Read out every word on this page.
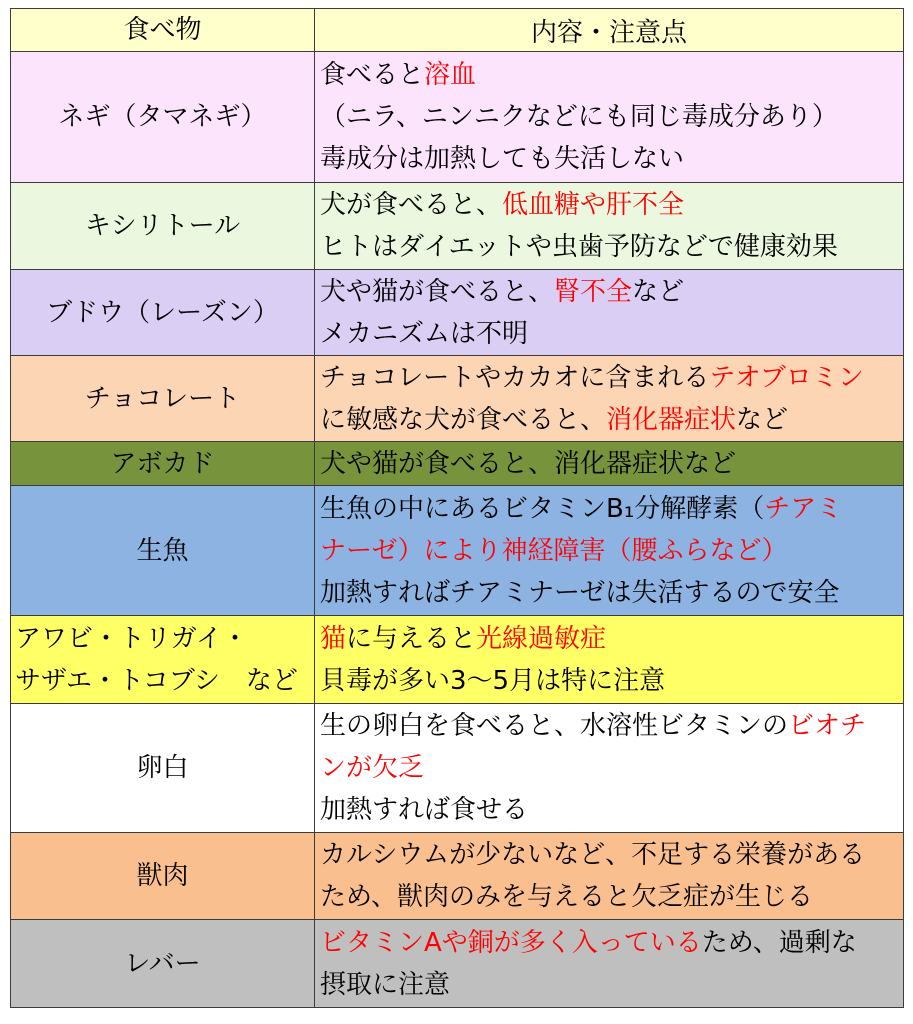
食べ物	内容・注意点
ネギ（タマネギ）
食べると 溶血
（ニラ、ニンニクなどにも同じ毒成分あり）
毒成分は加熱しても失活しない
キシリトール
犬が食べると、 低血糖や肝不全
ヒトはダイエットや虫歯予防などで健康効果
ブドウ（レーズン）
犬や猫が食べると、 腎不全 など
メカニズムは不明
チョコレート
チョコレートやカカオに含まれる テオブロミン
に敏感な犬が食べると、 消化器症状 など
アボカド	犬や猫が食べると、消化器症状など
生魚
生魚の中にあるビタミンB₁分解酵素（ チアミ
ナーゼ）により神経障害（腰ふらなど）
加熱すればチアミナーゼは失活するので安全
アワビ・トリガイ・
サザエ・トコブシ　など
猫 に与えると 光線過敏症
貝毒が多い3～5月は特に注意
卵白
生の卵白を食べると、水溶性ビタミンの ビオチ
ンが欠乏
加熱すれば食せる
獣肉
カルシウムが少ないなど、不足する栄養がある
ため、獣肉のみを与えると欠乏症が生じる
レバー
ビタミンAや銅が多く入っている ため、過剰な
摂取に注意
